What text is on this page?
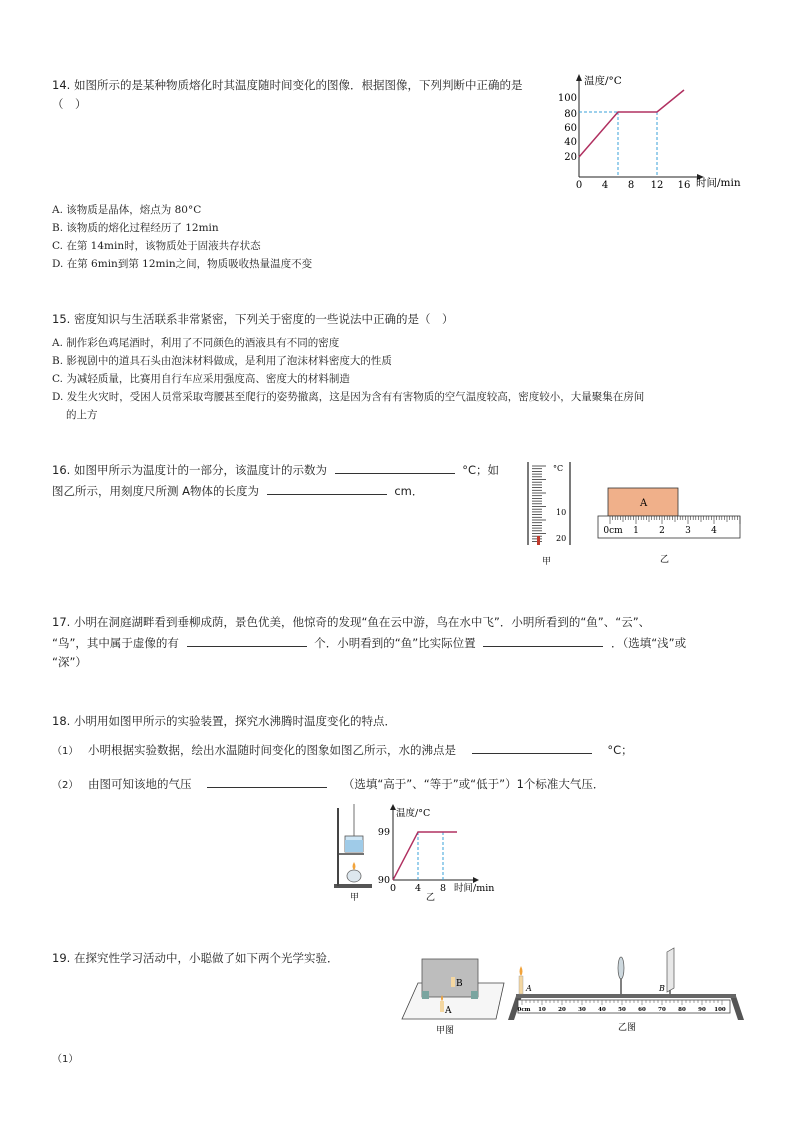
14. 如图所示的是某种物质熔化时其温度随时间变化的图像．根据图像，下列判断中正确的是
（　）
温度/°C
时间/min
100
80
60
40
20
0 4 8 12 16
A. 该物质是晶体，熔点为 80°C
B. 该物质的熔化过程经历了 12min
C. 在第 14min时，该物质处于固液共存状态
D. 在第 6min到第 12min之间，物质吸收热量温度不变
15. 密度知识与生活联系非常紧密，下列关于密度的一些说法中正确的是（　）
A. 制作彩色鸡尾酒时，利用了不同颜色的酒液具有不同的密度
B. 影视剧中的道具石头由泡沫材料做成，是利用了泡沫材料密度大的性质
C. 为减轻质量，比赛用自行车应采用强度高、密度大的材料制造
D. 发生火灾时，受困人员常采取弯腰甚至爬行的姿势撤离，这是因为含有有害物质的空气温度较高，密度较小，大量聚集在房间
的上方
16. 如图甲所示为温度计的一部分，该温度计的示数为	°C；如
图乙所示，用刻度尺所测 A物体的长度为	cm．
°C
10
20
甲
A
0cm 1 2 3 4
乙
17. 小明在洞庭湖畔看到垂柳成荫，景色优美，他惊奇的发现“鱼在云中游，鸟在水中飞”．小明所看到的“鱼”、“云”、
“鸟”，其中属于虚像的有	个．小明看到的“鱼”比实际位置	．（选填“浅”或
“深”）
18. 小明用如图甲所示的实验装置，探究水沸腾时温度变化的特点．
（1） 小明根据实验数据，绘出水温随时间变化的图象如图乙所示，水的沸点是	°C；
（2） 由图可知该地的气压	（选填“高于”、“等于”或“低于”）1个标准大气压．
甲
温度/°C
时间/min
99
90
0 4 8
乙
19. 在探究性学习活动中，小聪做了如下两个光学实验．
B
A
甲图
0cm 10 20 30 40 50 60 70 80 90 100
A	B
乙图
（1）
